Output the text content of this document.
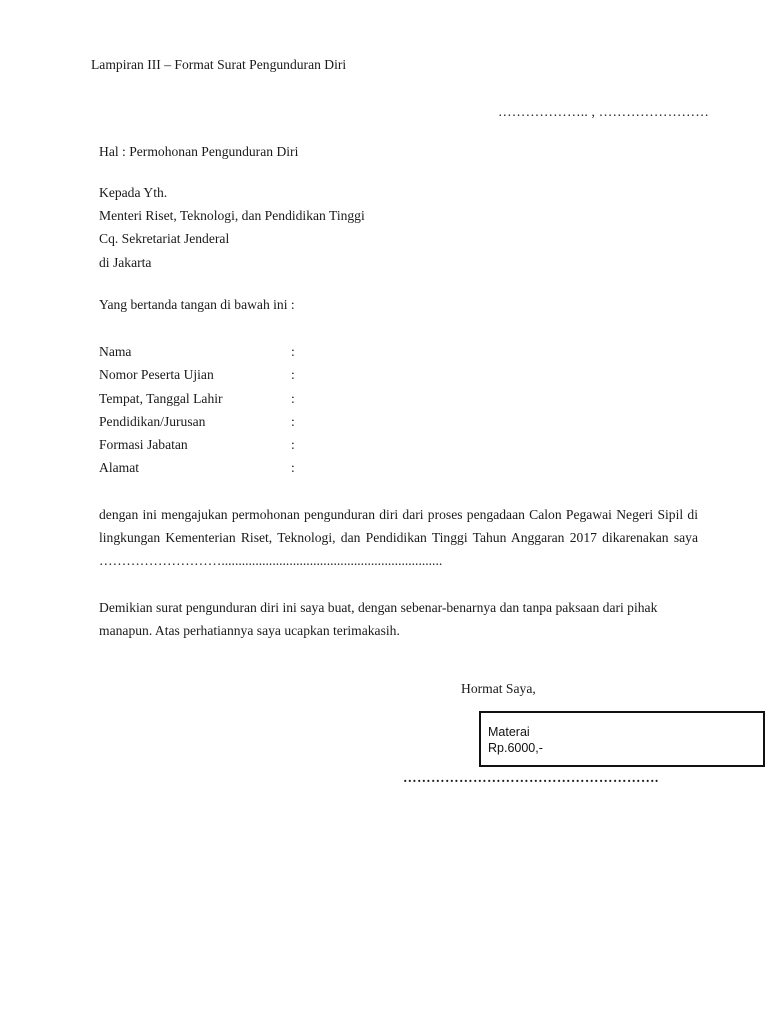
Lampiran III – Format Surat Pengunduran Diri
……………….. , ……………………
Hal : Permohonan Pengunduran Diri
Kepada Yth.
Menteri Riset, Teknologi, dan Pendidikan Tinggi
Cq. Sekretariat Jenderal
di Jakarta
Yang bertanda tangan di bawah ini :
Nama	:
Nomor Peserta Ujian	:
Tempat, Tanggal Lahir	:
Pendidikan/Jurusan	:
Formasi Jabatan	:
Alamat	:
dengan ini mengajukan permohonan pengunduran diri dari proses pengadaan Calon Pegawai Negeri Sipil di lingkungan Kementerian Riset, Teknologi, dan Pendidikan Tinggi Tahun Anggaran 2017 dikarenakan saya ……………………….................................................................
Demikian surat pengunduran diri ini saya buat, dengan sebenar-benarnya dan tanpa paksaan dari pihak manapun. Atas perhatiannya saya ucapkan terimakasih.
Hormat Saya,
Materai
Rp.6000,-
……………………………………………….
